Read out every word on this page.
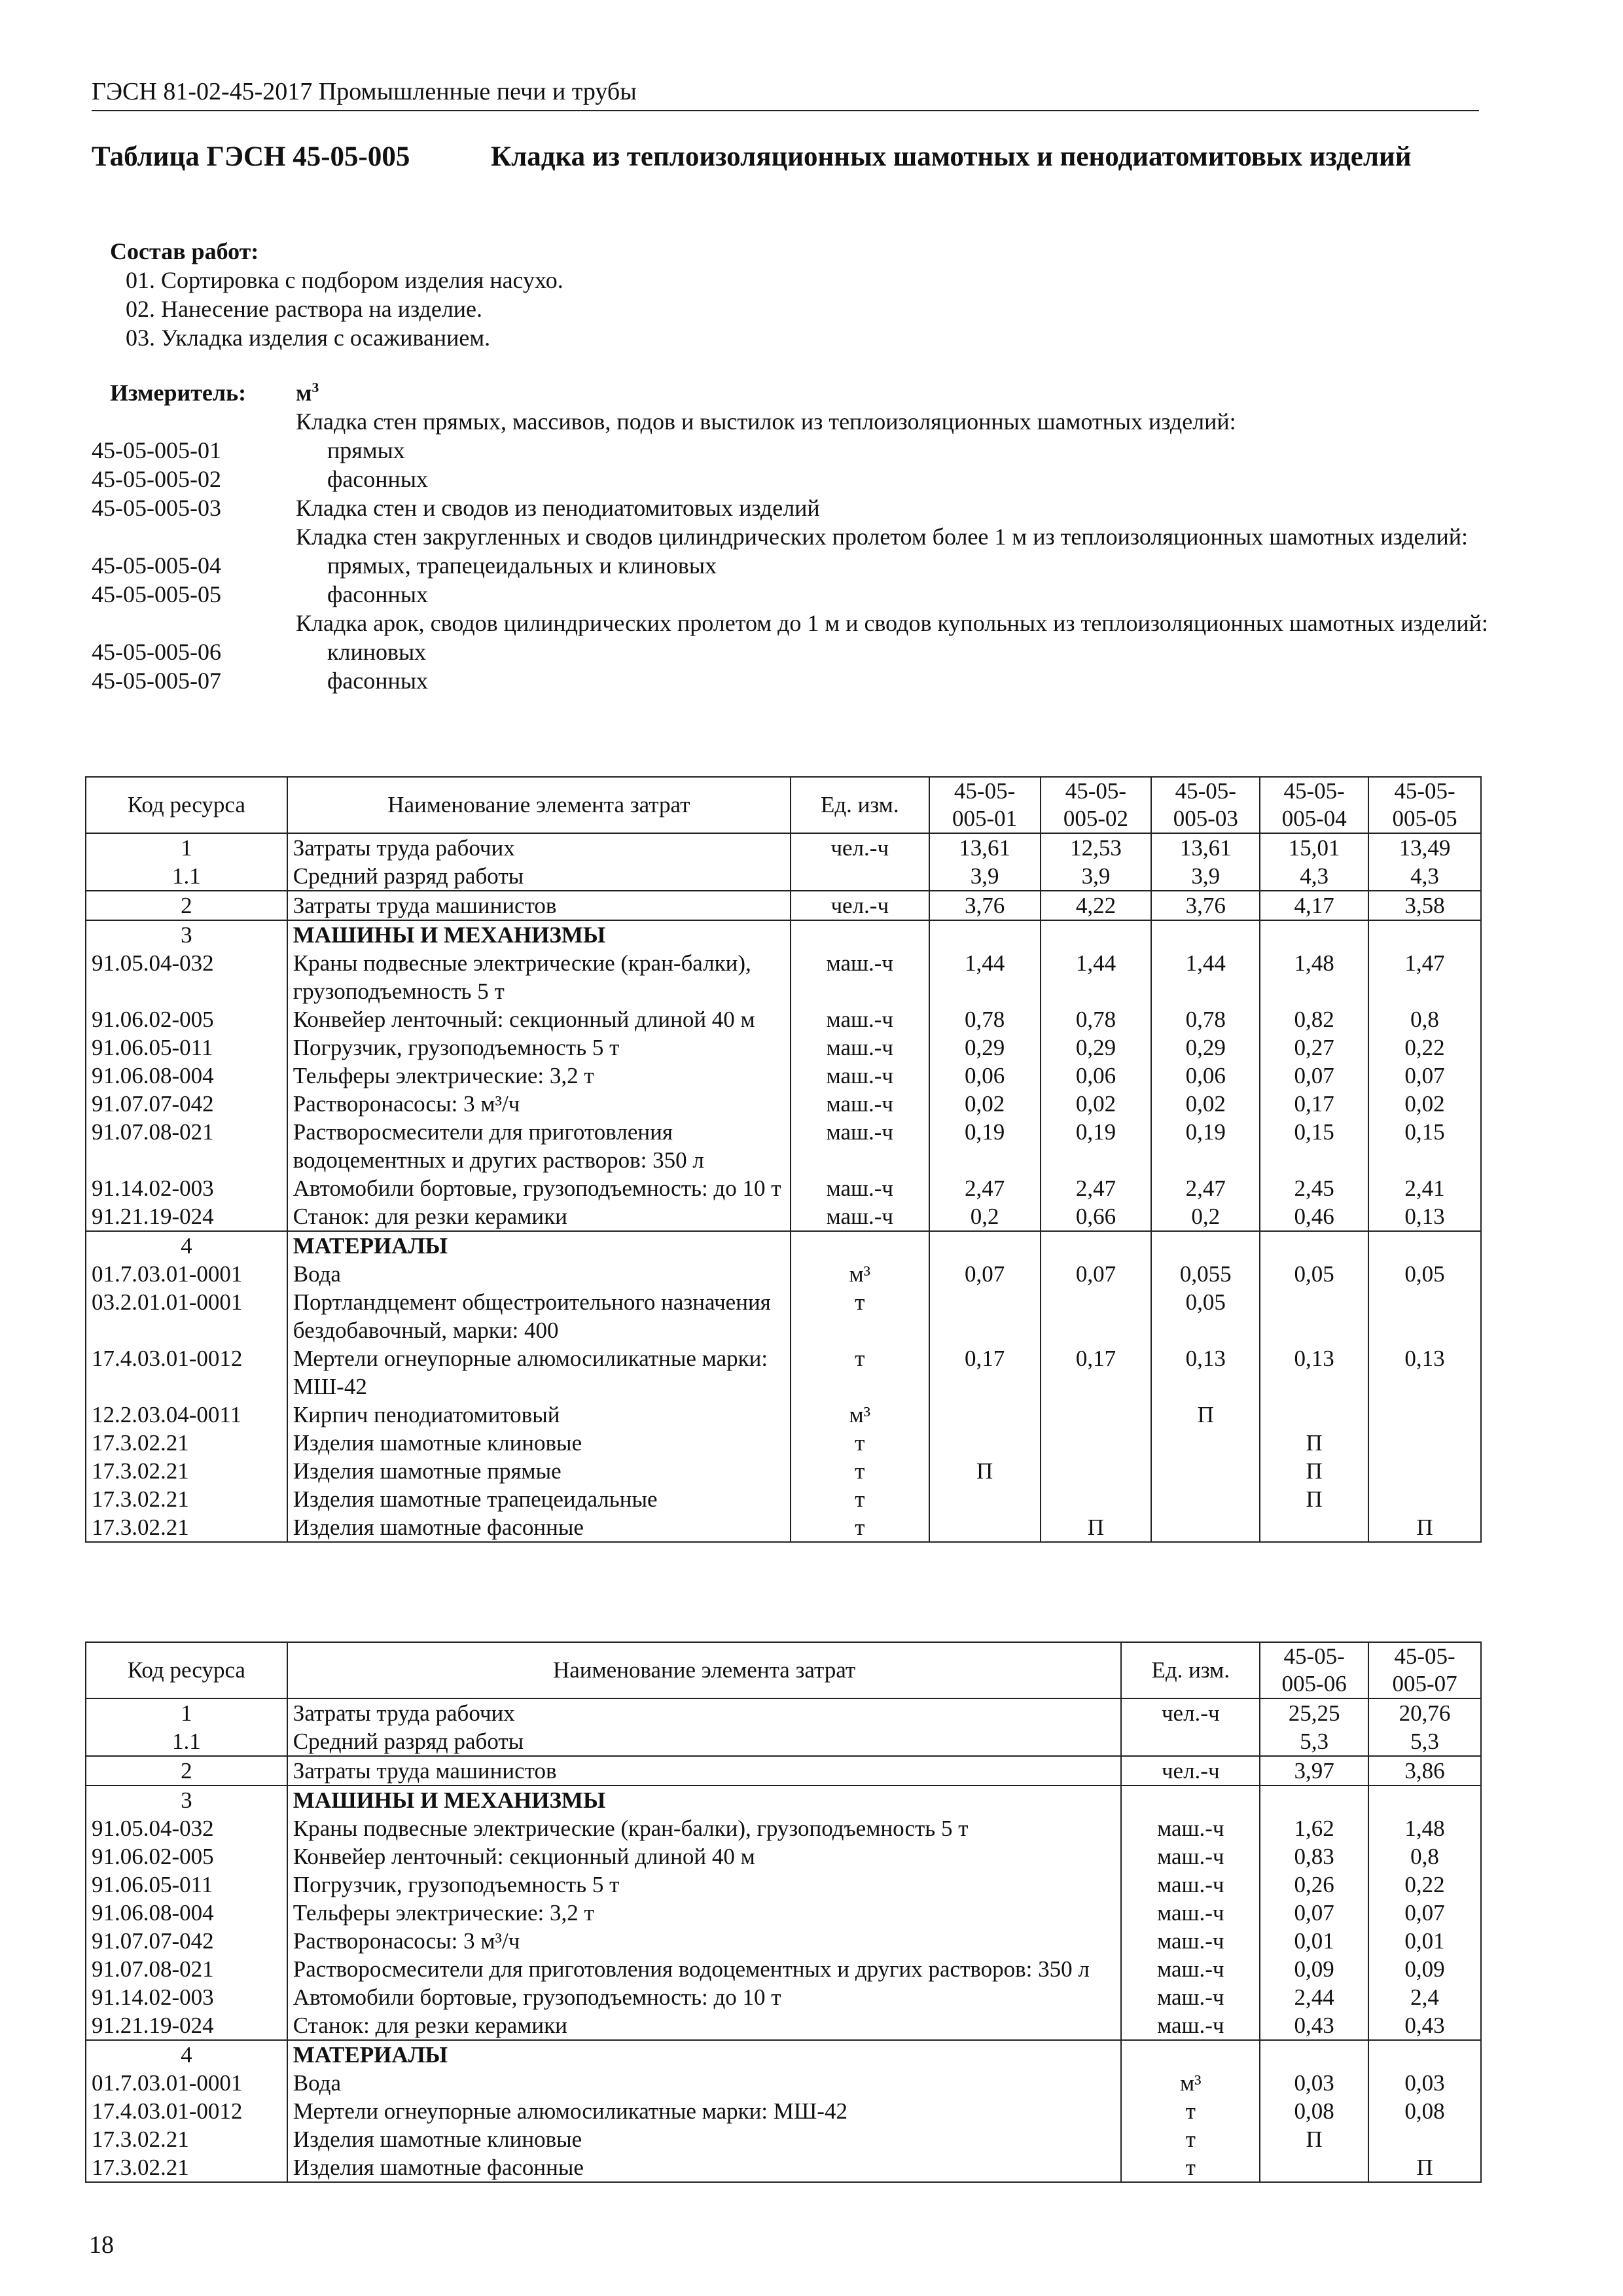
ГЭСН 81-02-45-2017 Промышленные печи и трубы
Таблица ГЭСН 45-05-005	Кладка из теплоизоляционных шамотных и пенодиатомитовых изделий
Состав работ:
01. Сортировка с подбором изделия насухо.
02. Нанесение раствора на изделие.
03. Укладка изделия с осаживанием.
Измеритель: $м^3$
Кладка стен прямых, массивов, подов и выстилок из теплоизоляционных шамотных изделий:
45-05-005-01	прямых
45-05-005-02	фасонных
45-05-005-03	Кладка стен и сводов из пенодиатомитовых изделий
Кладка стен закругленных и сводов цилиндрических пролетом более 1 м из теплоизоляционных шамотных изделий:
45-05-005-04	прямых, трапецеидальных и клиновых
45-05-005-05	фасонных
Кладка арок, сводов цилиндрических пролетом до 1 м и сводов купольных из теплоизоляционных шамотных изделий:
45-05-005-06	клиновых
45-05-005-07	фасонных
Код ресурса	Наименование элемента затрат	Ед. изм.	45-05-005-01	45-05-005-02	45-05-005-03	45-05-005-04	45-05-005-05
1	Затраты труда рабочих	чел.-ч	13,61	12,53	13,61	15,01	13,49
1.1	Средний разряд работы		3,9	3,9	3,9	4,3	4,3
2	Затраты труда машинистов	чел.-ч	3,76	4,22	3,76	4,17	3,58
3	МАШИНЫ И МЕХАНИЗМЫ						
91.05.04-032	Краны подвесные электрические (кран-балки), грузоподъемность 5 т	маш.-ч	1,44	1,44	1,44	1,48	1,47
91.06.02-005	Конвейер ленточный: секционный длиной 40 м	маш.-ч	0,78	0,78	0,78	0,82	0,8
91.06.05-011	Погрузчик, грузоподъемность 5 т	маш.-ч	0,29	0,29	0,29	0,27	0,22
91.06.08-004	Тельферы электрические: 3,2 т	маш.-ч	0,06	0,06	0,06	0,07	0,07
91.07.07-042	Растворонасосы: 3 м³/ч	маш.-ч	0,02	0,02	0,02	0,17	0,02
91.07.08-021	Растворосмесители для приготовления водоцементных и других растворов: 350 л	маш.-ч	0,19	0,19	0,19	0,15	0,15
91.14.02-003	Автомобили бортовые, грузоподъемность: до 10 т	маш.-ч	2,47	2,47	2,47	2,45	2,41
91.21.19-024	Станок: для резки керамики	маш.-ч	0,2	0,66	0,2	0,46	0,13
4	МАТЕРИАЛЫ						
01.7.03.01-0001	Вода	м³	0,07	0,07	0,055	0,05	0,05
03.2.01.01-0001	Портландцемент общестроительного назначения бездобавочный, марки: 400	т			0,05		
17.4.03.01-0012	Мертели огнеупорные алюмосиликатные марки: МШ-42	т	0,17	0,17	0,13	0,13	0,13
12.2.03.04-0011	Кирпич пенодиатомитовый	м³			П		
17.3.02.21	Изделия шамотные клиновые	т				П	
17.3.02.21	Изделия шамотные прямые	т	П			П	
17.3.02.21	Изделия шамотные трапецеидальные	т				П	
17.3.02.21	Изделия шамотные фасонные	т		П			П
Код ресурса	Наименование элемента затрат	Ед. изм.	45-05-005-06	45-05-005-07
1	Затраты труда рабочих	чел.-ч	25,25	20,76
1.1	Средний разряд работы		5,3	5,3
2	Затраты труда машинистов	чел.-ч	3,97	3,86
3	МАШИНЫ И МЕХАНИЗМЫ			
91.05.04-032	Краны подвесные электрические (кран-балки), грузоподъемность 5 т	маш.-ч	1,62	1,48
91.06.02-005	Конвейер ленточный: секционный длиной 40 м	маш.-ч	0,83	0,8
91.06.05-011	Погрузчик, грузоподъемность 5 т	маш.-ч	0,26	0,22
91.06.08-004	Тельферы электрические: 3,2 т	маш.-ч	0,07	0,07
91.07.07-042	Растворонасосы: 3 м³/ч	маш.-ч	0,01	0,01
91.07.08-021	Растворосмесители для приготовления водоцементных и других растворов: 350 л	маш.-ч	0,09	0,09
91.14.02-003	Автомобили бортовые, грузоподъемность: до 10 т	маш.-ч	2,44	2,4
91.21.19-024	Станок: для резки керамики	маш.-ч	0,43	0,43
4	МАТЕРИАЛЫ			
01.7.03.01-0001	Вода	м³	0,03	0,03
17.4.03.01-0012	Мертели огнеупорные алюмосиликатные марки: МШ-42	т	0,08	0,08
17.3.02.21	Изделия шамотные клиновые	т	П	
17.3.02.21	Изделия шамотные фасонные	т		П
18
